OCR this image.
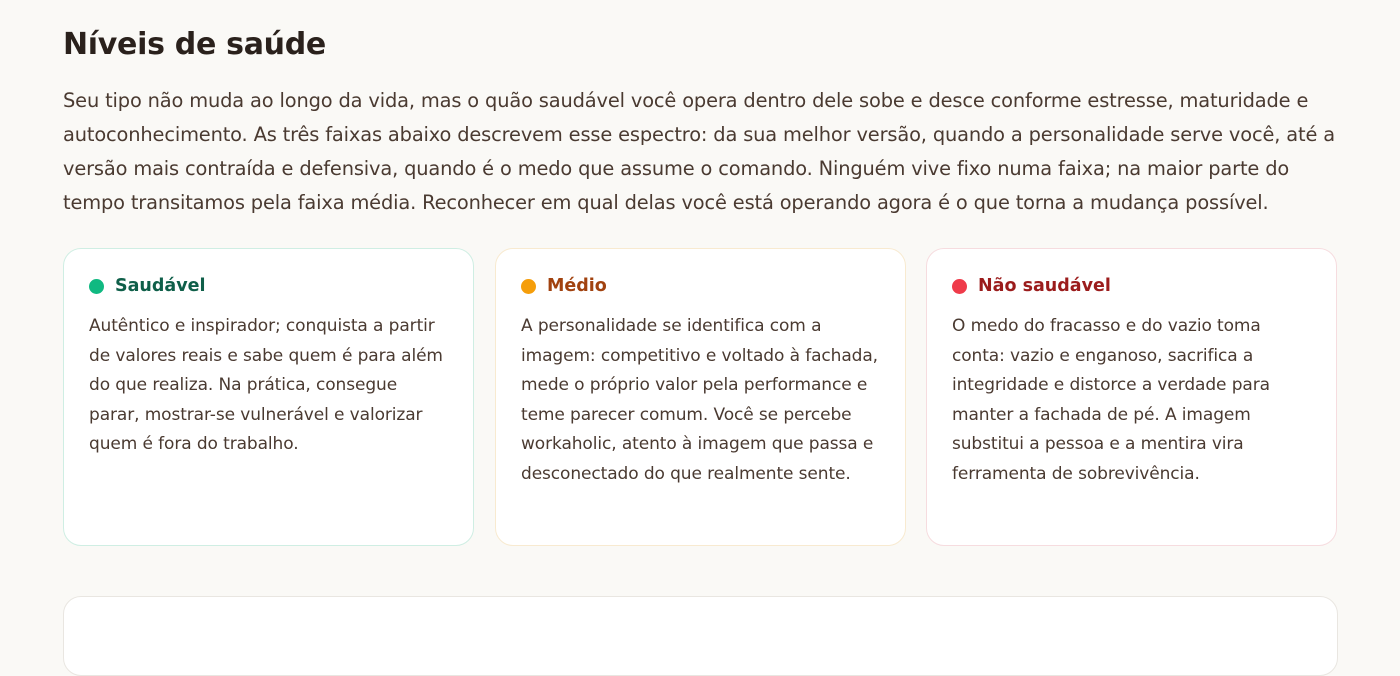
Níveis de saúde

Seu tipo não muda ao longo da vida, mas o quão saudável você opera dentro dele sobe e desce conforme estresse, maturidade e autoconhecimento. As três faixas abaixo descrevem esse espectro: da sua melhor versão, quando a personalidade serve você, até a versão mais contraída e defensiva, quando é o medo que assume o comando. Ninguém vive fixo numa faixa; na maior parte do tempo transitamos pela faixa média. Reconhecer em qual delas você está operando agora é o que torna a mudança possível.

Saudável

Autêntico e inspirador; conquista a partir de valores reais e sabe quem é para além do que realiza. Na prática, consegue parar, mostrar-se vulnerável e valorizar quem é fora do trabalho.

Médio

A personalidade se identifica com a imagem: competitivo e voltado à fachada, mede o próprio valor pela performance e teme parecer comum. Você se percebe workaholic, atento à imagem que passa e desconectado do que realmente sente.

Não saudável

O medo do fracasso e do vazio toma conta: vazio e enganoso, sacrifica a integridade e distorce a verdade para manter a fachada de pé. A imagem substitui a pessoa e a mentira vira ferramenta de sobrevivência.
